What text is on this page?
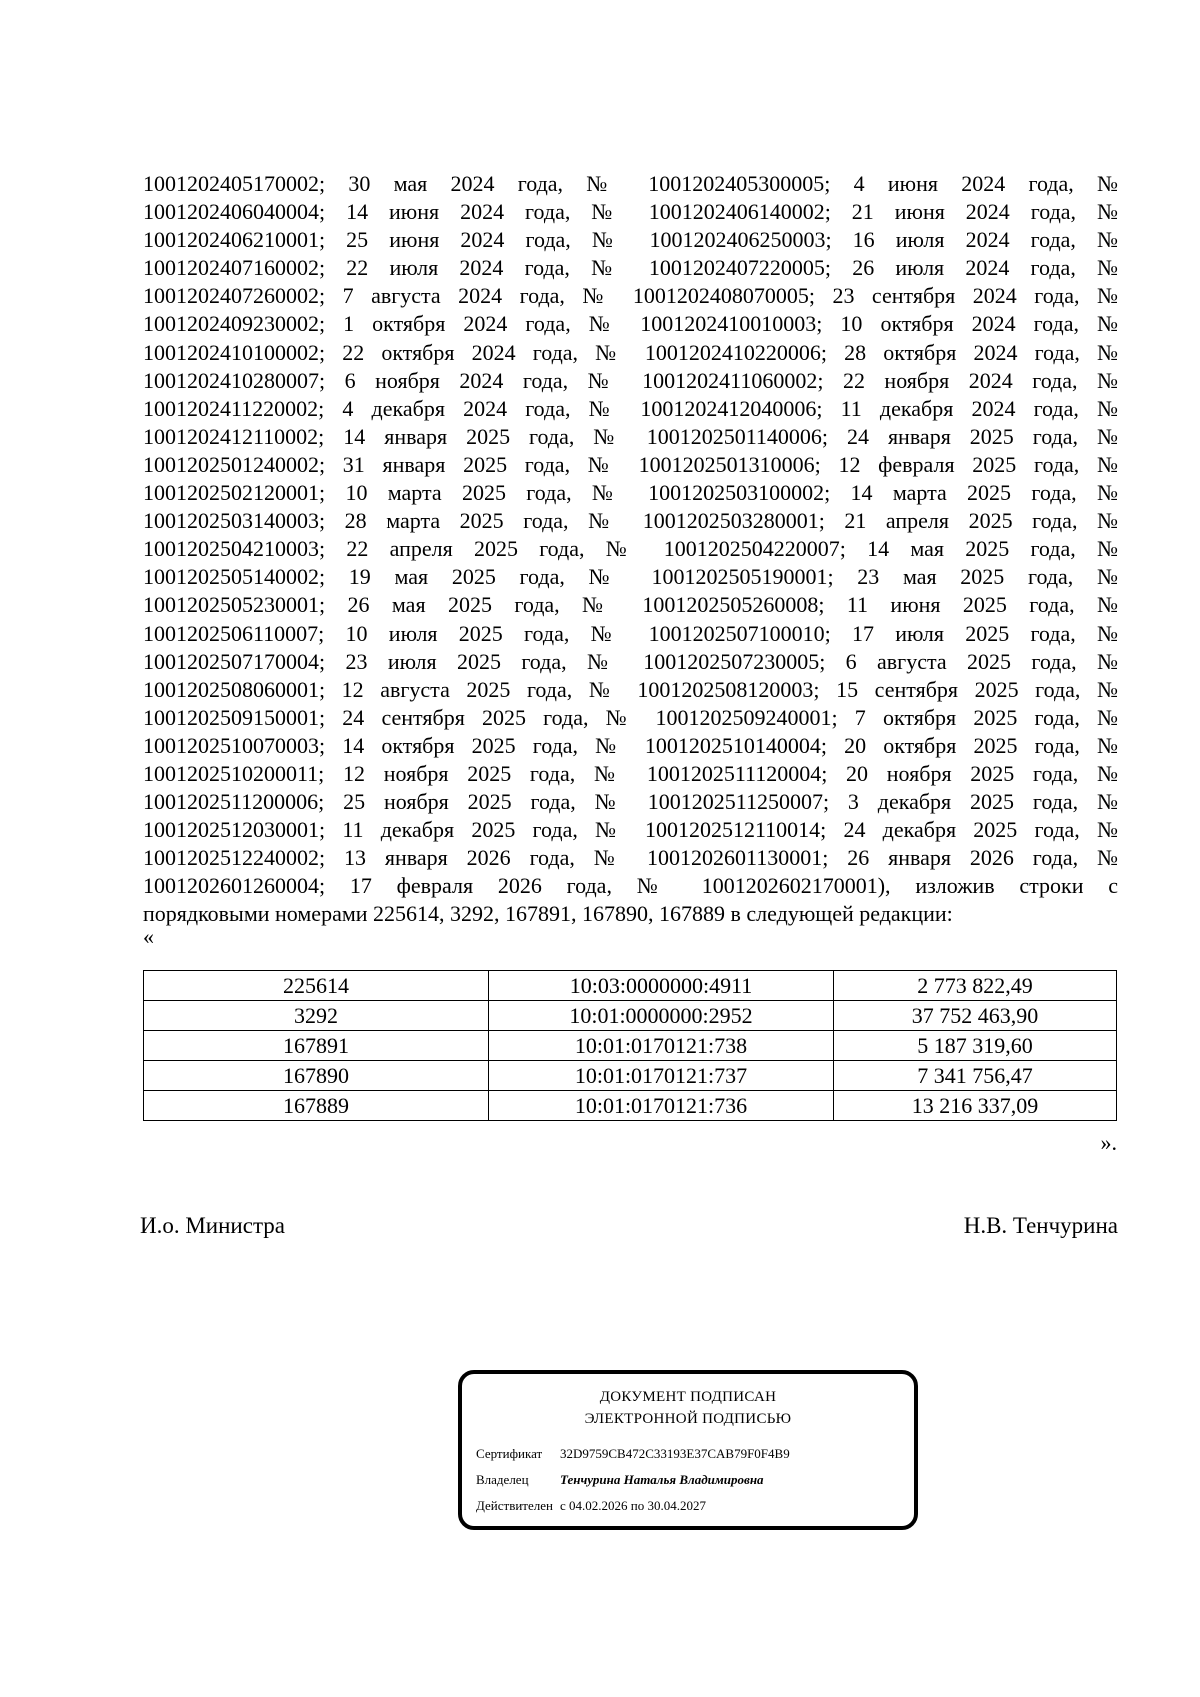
1001202405170002; 30 мая 2024 года, № 1001202405300005; 4 июня 2024 года, №
1001202406040004; 14 июня 2024 года, № 1001202406140002; 21 июня 2024 года, №
1001202406210001; 25 июня 2024 года, № 1001202406250003; 16 июля 2024 года, №
1001202407160002; 22 июля 2024 года, № 1001202407220005; 26 июля 2024 года, №
1001202407260002; 7 августа 2024 года, № 1001202408070005; 23 сентября 2024 года, №
1001202409230002; 1 октября 2024 года, № 1001202410010003; 10 октября 2024 года, №
1001202410100002; 22 октября 2024 года, № 1001202410220006; 28 октября 2024 года, №
1001202410280007; 6 ноября 2024 года, № 1001202411060002; 22 ноября 2024 года, №
1001202411220002; 4 декабря 2024 года, № 1001202412040006; 11 декабря 2024 года, №
1001202412110002; 14 января 2025 года, № 1001202501140006; 24 января 2025 года, №
1001202501240002; 31 января 2025 года, № 1001202501310006; 12 февраля 2025 года, №
1001202502120001; 10 марта 2025 года, № 1001202503100002; 14 марта 2025 года, №
1001202503140003; 28 марта 2025 года, № 1001202503280001; 21 апреля 2025 года, №
1001202504210003; 22 апреля 2025 года, № 1001202504220007; 14 мая 2025 года, №
1001202505140002; 19 мая 2025 года, № 1001202505190001; 23 мая 2025 года, №
1001202505230001; 26 мая 2025 года, № 1001202505260008; 11 июня 2025 года, №
1001202506110007; 10 июля 2025 года, № 1001202507100010; 17 июля 2025 года, №
1001202507170004; 23 июля 2025 года, № 1001202507230005; 6 августа 2025 года, №
1001202508060001; 12 августа 2025 года, № 1001202508120003; 15 сентября 2025 года, №
1001202509150001; 24 сентября 2025 года, № 1001202509240001; 7 октября 2025 года, №
1001202510070003; 14 октября 2025 года, № 1001202510140004; 20 октября 2025 года, №
1001202510200011; 12 ноября 2025 года, № 1001202511120004; 20 ноября 2025 года, №
1001202511200006; 25 ноября 2025 года, № 1001202511250007; 3 декабря 2025 года, №
1001202512030001; 11 декабря 2025 года, № 1001202512110014; 24 декабря 2025 года, №
1001202512240002; 13 января 2026 года, № 1001202601130001; 26 января 2026 года, №
1001202601260004; 17 февраля 2026 года, № 1001202602170001), изложив строки с
порядковыми номерами 225614, 3292, 167891, 167890, 167889 в следующей редакции:
«
225614	10:03:0000000:4911	2 773 822,49
3292	10:01:0000000:2952	37 752 463,90
167891	10:01:0170121:738	5 187 319,60
167890	10:01:0170121:737	7 341 756,47
167889	10:01:0170121:736	13 216 337,09
».
И.о. Министра	Н.В. Тенчурина
ДОКУМЕНТ ПОДПИСАН
ЭЛЕКТРОННОЙ ПОДПИСЬЮ
Сертификат 32D9759CB472C33193E37CAB79F0F4B9
Владелец Тенчурина Наталья Владимировна
Действителен с 04.02.2026 по 30.04.2027
